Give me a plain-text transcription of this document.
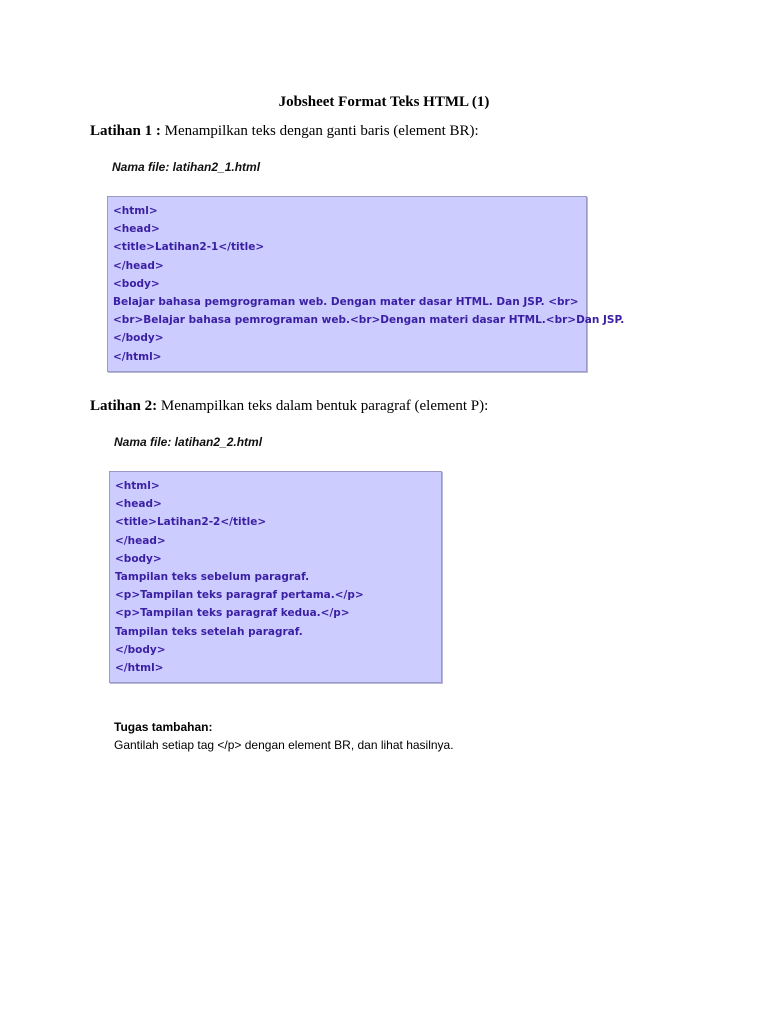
Jobsheet Format Teks HTML (1)
Latihan 1 : Menampilkan teks dengan ganti baris (element BR):
Nama file: latihan2_1.html
<html>
<head>
<title>Latihan2-1</title>
</head>
<body>
Belajar bahasa pemgrograman web. Dengan mater dasar HTML. Dan JSP. <br>
<br>Belajar bahasa pemrograman web.<br>Dengan materi dasar HTML.<br>Dan JSP.
</body>
</html>
Latihan 2: Menampilkan teks dalam bentuk paragraf (element P):
Nama file: latihan2_2.html
<html>
<head>
<title>Latihan2-2</title>
</head>
<body>
Tampilan teks sebelum paragraf.
<p>Tampilan teks paragraf pertama.</p>
<p>Tampilan teks paragraf kedua.</p>
Tampilan teks setelah paragraf.
</body>
</html>
Tugas tambahan:
Gantilah setiap tag </p> dengan element BR, dan lihat hasilnya.
